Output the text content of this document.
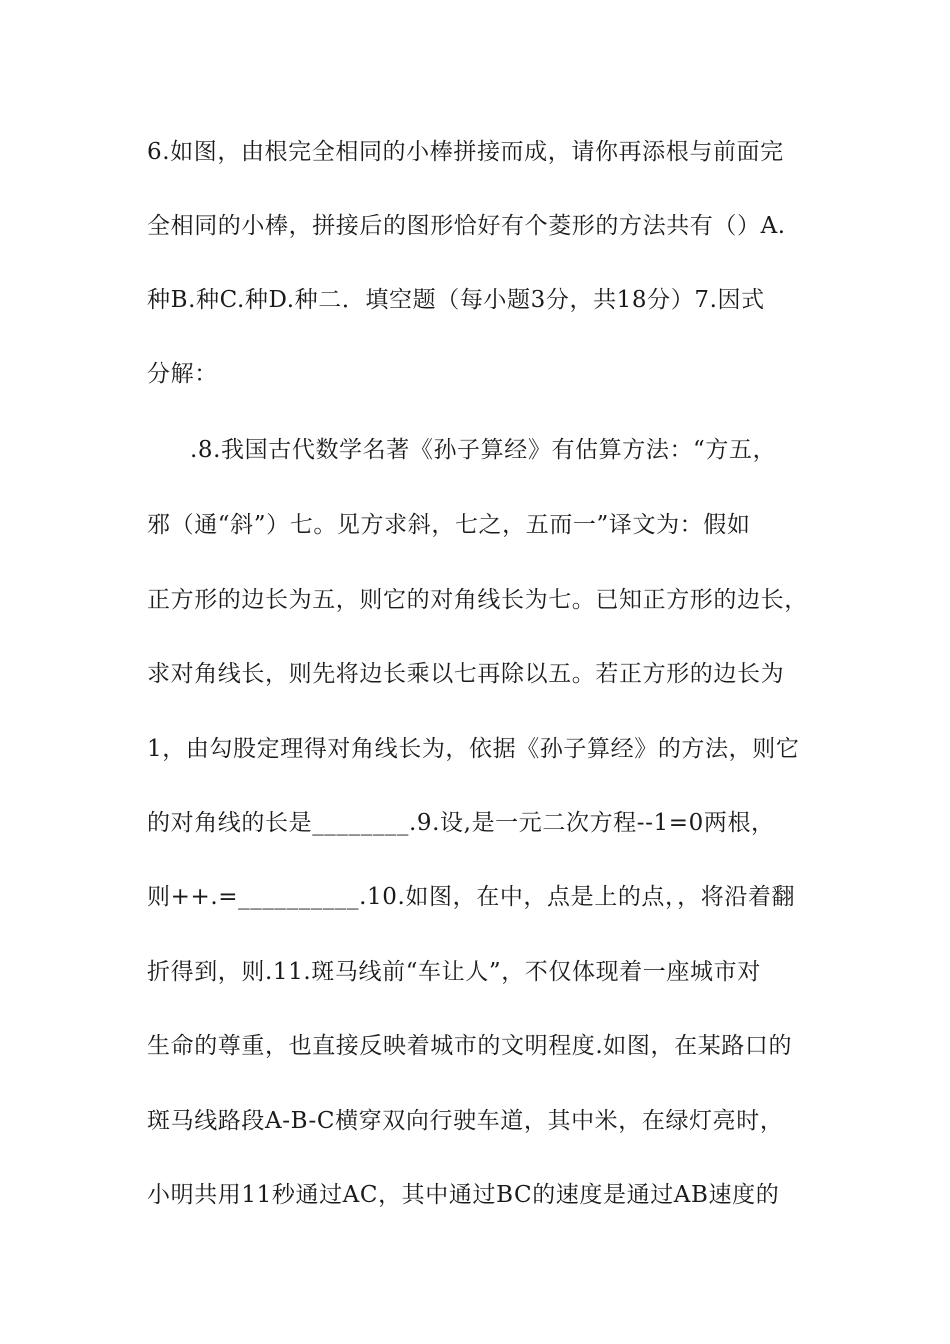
6.如图，由根完全相同的小棒拼接而成，请你再添根与前面完
全相同的小棒，拼接后的图形恰好有个菱形的方法共有（）A.
种B.种C.种D.种二．填空题（每小题3分，共18分）7.因式
分解：
.8.我国古代数学名著《孙子算经》有估算方法：“方五，
邪（通“斜”）七。见方求斜，七之，五而一”译文为：假如
正方形的边长为五，则它的对角线长为七。已知正方形的边长，
求对角线长，则先将边长乘以七再除以五。若正方形的边长为
1，由勾股定理得对角线长为，依据《孙子算经》的方法，则它
的对角线的长是________.9.设,是一元二次方程--1=0两根，
则++.=__________.10.如图，在中，点是上的点，，将沿着翻
折得到，则.11.斑马线前“车让人”，不仅体现着一座城市对
生命的尊重，也直接反映着城市的文明程度.如图，在某路口的
斑马线路段A-B-C横穿双向行驶车道，其中米，在绿灯亮时，
小明共用11秒通过AC，其中通过BC的速度是通过AB速度的
